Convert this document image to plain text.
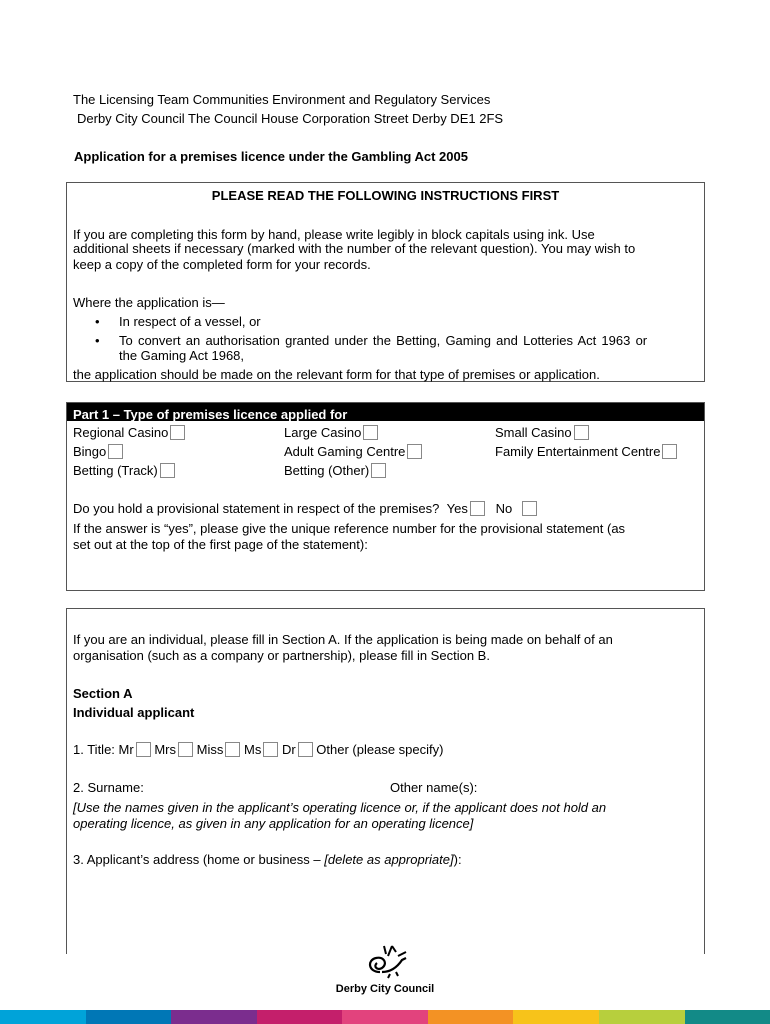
The Licensing Team Communities Environment and Regulatory Services
Derby City Council The Council House Corporation Street Derby DE1 2FS
Application for a premises licence under the Gambling Act 2005
PLEASE READ THE FOLLOWING INSTRUCTIONS FIRST
If you are completing this form by hand, please write legibly in block capitals using ink. Use
additional sheets if necessary (marked with the number of the relevant question). You may wish to
keep a copy of the completed form for your records.
Where the application is—
• In respect of a vessel, or
• To convert an authorisation granted under the Betting, Gaming and Lotteries Act 1963 or
the Gaming Act 1968,
the application should be made on the relevant form for that type of premises or application.
Part 1 – Type of premises licence applied for
Regional Casino	Large Casino	Small Casino
Bingo	Adult Gaming Centre	Family Entertainment Centre
Betting (Track)	Betting (Other)
Do you hold a provisional statement in respect of the premises? Yes No
If the answer is “yes”, please give the unique reference number for the provisional statement (as
set out at the top of the first page of the statement):
If you are an individual, please fill in Section A. If the application is being made on behalf of an
organisation (such as a company or partnership), please fill in Section B.
Section A
Individual applicant
1. Title: Mr Mrs Miss Ms Dr Other (please specify)
2. Surname:	Other name(s):
[Use the names given in the applicant’s operating licence or, if the applicant does not hold an
operating licence, as given in any application for an operating licence]
3. Applicant’s address (home or business – [delete as appropriate]):
Derby City Council
